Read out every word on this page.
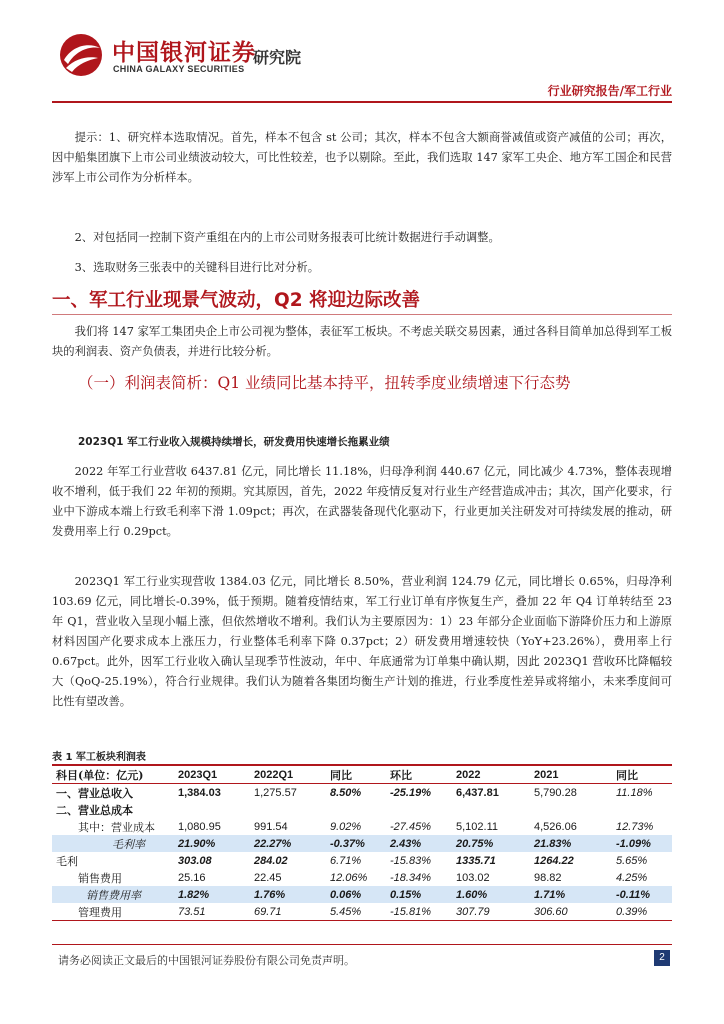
中国银河证券
CHINA GALAXY SECURITIES
研究院
行业研究报告/军工行业
提示：1、研究样本选取情况。首先，样本不包含 st 公司；其次，样本不包含大额商誉减值或资产减值的公司；再次，因中船集团旗下上市公司业绩波动较大，可比性较差，也予以剔除。至此，我们选取 147 家军工央企、地方军工国企和民营涉军上市公司作为分析样本。
2、对包括同一控制下资产重组在内的上市公司财务报表可比统计数据进行手动调整。
3、选取财务三张表中的关键科目进行比对分析。
一、军工行业现景气波动，Q2 将迎边际改善
我们将 147 家军工集团央企上市公司视为整体，表征军工板块。不考虑关联交易因素，通过各科目简单加总得到军工板块的利润表、资产负债表，并进行比较分析。
（一）利润表简析：Q1 业绩同比基本持平，扭转季度业绩增速下行态势
2023Q1 军工行业收入规模持续增长，研发费用快速增长拖累业绩
2022 年军工行业营收 6437.81 亿元，同比增长 11.18%，归母净利润 440.67 亿元，同比减少 4.73%，整体表现增收不增利，低于我们 22 年初的预期。究其原因，首先，2022 年疫情反复对行业生产经营造成冲击；其次，国产化要求，行业中下游成本端上行致毛利率下滑 1.09pct；再次，在武器装备现代化驱动下，行业更加关注研发对可持续发展的推动，研发费用率上行 0.29pct。
2023Q1 军工行业实现营收 1384.03 亿元，同比增长 8.50%，营业利润 124.79 亿元，同比增长 0.65%，归母净利 103.69 亿元，同比增长-0.39%，低于预期。随着疫情结束，军工行业订单有序恢复生产，叠加 22 年 Q4 订单转结至 23 年 Q1，营业收入呈现小幅上涨，但依然增收不增利。我们认为主要原因为：1）23 年部分企业面临下游降价压力和上游原材料因国产化要求成本上涨压力，行业整体毛利率下降 0.37pct；2）研发费用增速较快（YoY+23.26%），费用率上行 0.67pct。此外，因军工行业收入确认呈现季节性波动，年中、年底通常为订单集中确认期，因此 2023Q1 营收环比降幅较大（QoQ-25.19%），符合行业规律。我们认为随着各集团均衡生产计划的推进，行业季度性差异或将缩小，未来季度间可比性有望改善。
表 1 军工板块利润表
科目(单位：亿元)	2023Q1	2022Q1	同比	环比	2022	2021	同比
一、营业总收入	1,384.03	1,275.57	8.50%	-25.19%	6,437.81	5,790.28	11.18%
二、营业总成本							
其中：营业成本	1,080.95	991.54	9.02%	-27.45%	5,102.11	4,526.06	12.73%
毛利率	21.90%	22.27%	-0.37%	2.43%	20.75%	21.83%	-1.09%
毛利	303.08	284.02	6.71%	-15.83%	1335.71	1264.22	5.65%
销售费用	25.16	22.45	12.06%	-18.34%	103.02	98.82	4.25%
销售费用率	1.82%	1.76%	0.06%	0.15%	1.60%	1.71%	-0.11%
管理费用	73.51	69.71	5.45%	-15.81%	307.79	306.60	0.39%
请务必阅读正文最后的中国银河证券股份有限公司免责声明。	2
